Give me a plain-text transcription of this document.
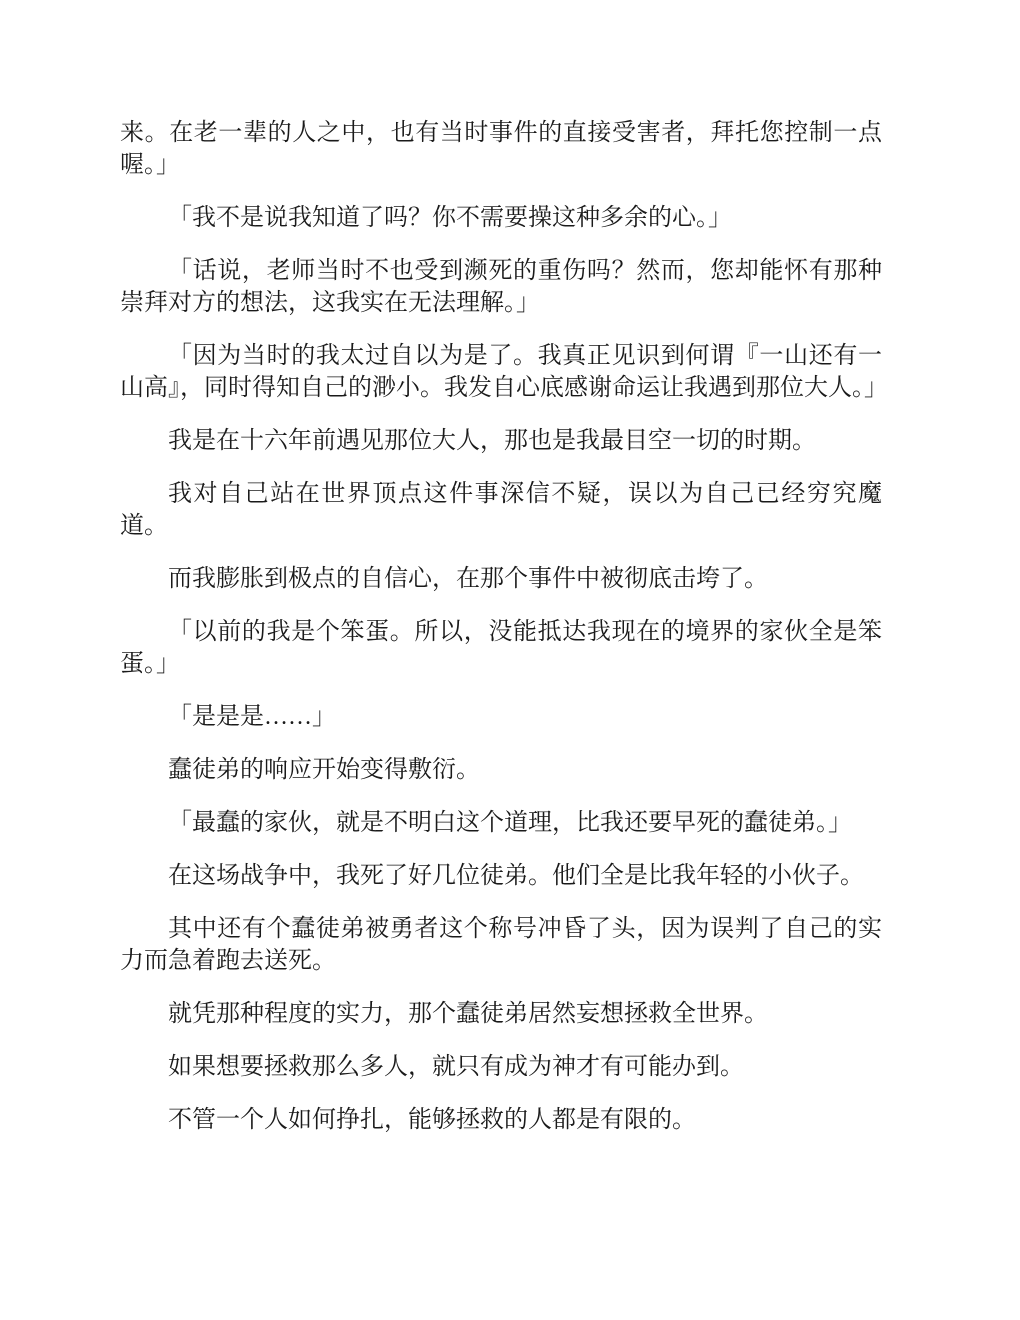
来。在老一辈的人之中，也有当时事件的直接受害者，拜托您控制一点喔。」

「我不是说我知道了吗？你不需要操这种多余的心。」

「话说，老师当时不也受到濒死的重伤吗？然而，您却能怀有那种崇拜对方的想法，这我实在无法理解。」

「因为当时的我太过自以为是了。我真正见识到何谓『一山还有一山高』，同时得知自己的渺小。我发自心底感谢命运让我遇到那位大人。」

我是在十六年前遇见那位大人，那也是我最目空一切的时期。

我对自己站在世界顶点这件事深信不疑，误以为自己已经穷究魔道。

而我膨胀到极点的自信心，在那个事件中被彻底击垮了。

「以前的我是个笨蛋。所以，没能抵达我现在的境界的家伙全是笨蛋。」

「是是是……」

蠢徒弟的响应开始变得敷衍。

「最蠢的家伙，就是不明白这个道理，比我还要早死的蠢徒弟。」

在这场战争中，我死了好几位徒弟。他们全是比我年轻的小伙子。

其中还有个蠢徒弟被勇者这个称号冲昏了头，因为误判了自己的实力而急着跑去送死。

就凭那种程度的实力，那个蠢徒弟居然妄想拯救全世界。

如果想要拯救那么多人，就只有成为神才有可能办到。

不管一个人如何挣扎，能够拯救的人都是有限的。
